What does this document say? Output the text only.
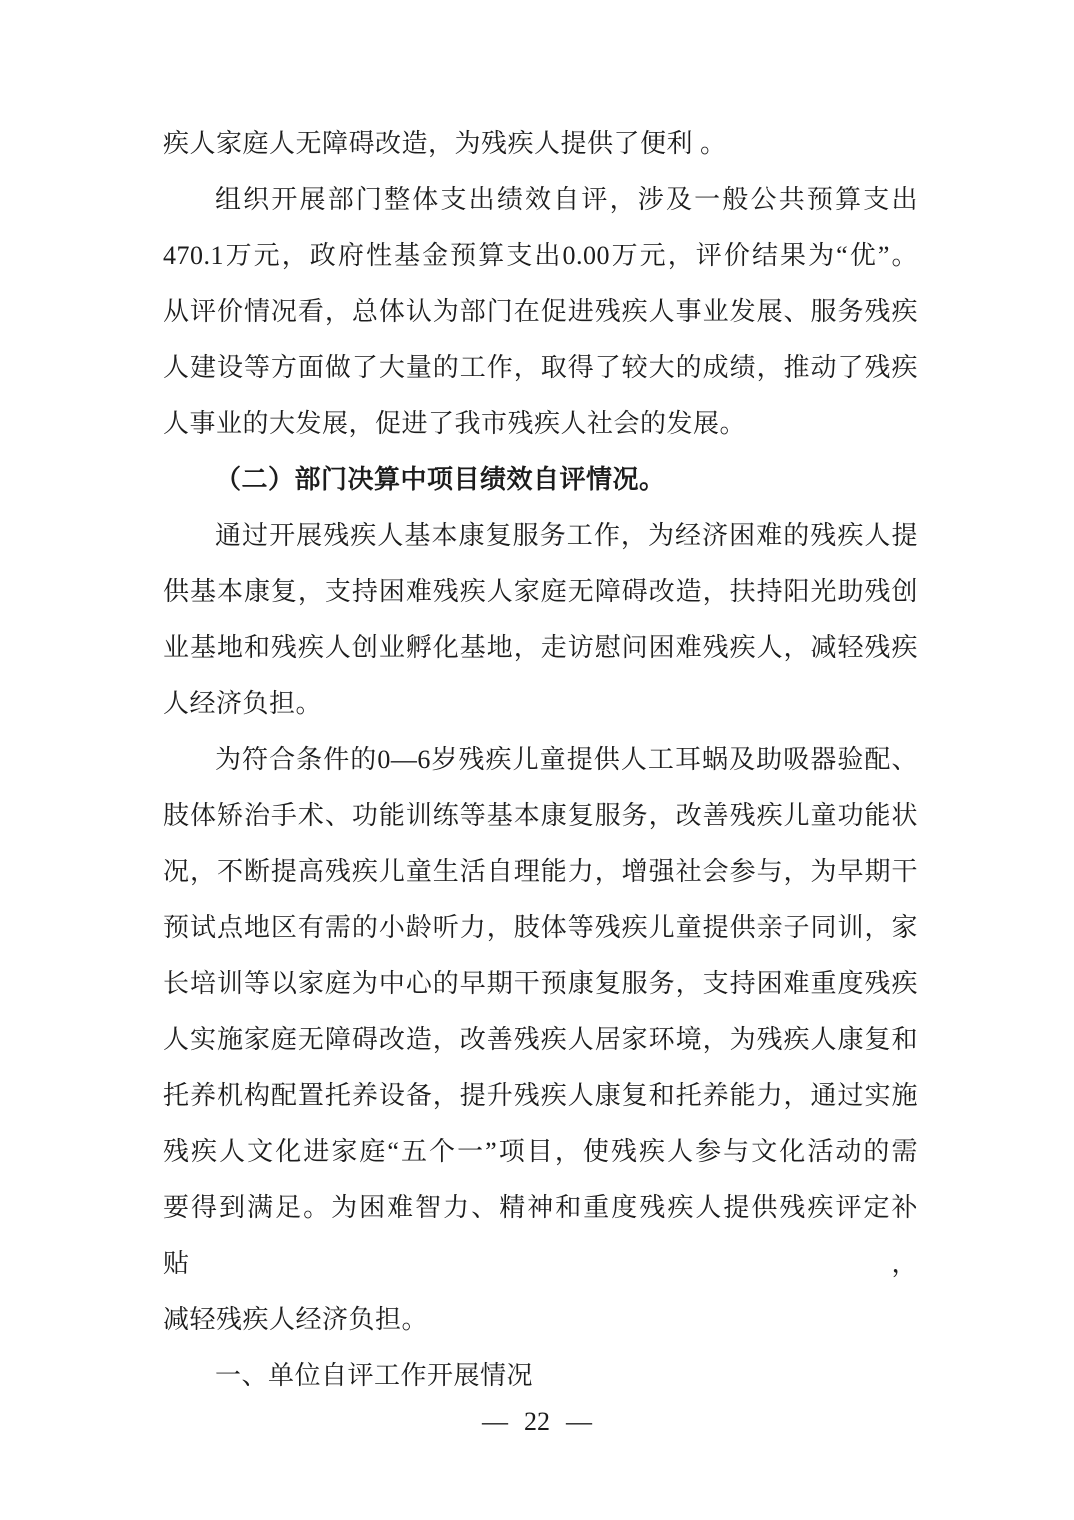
疾人家庭人无障碍改造，为残疾人提供了便利 。

组织开展部门整体支出绩效自评，涉及一般公共预算支出

470.1万元，政府性基金预算支出0.00万元，评价结果为“优”。

从评价情况看，总体认为部门在促进残疾人事业发展、服务残疾

人建设等方面做了大量的工作，取得了较大的成绩，推动了残疾

人事业的大发展，促进了我市残疾人社会的发展。

（二）部门决算中项目绩效自评情况。

通过开展残疾人基本康复服务工作，为经济困难的残疾人提

供基本康复，支持困难残疾人家庭无障碍改造，扶持阳光助残创

业基地和残疾人创业孵化基地，走访慰问困难残疾人，减轻残疾

人经济负担。

为符合条件的0—6岁残疾儿童提供人工耳蜗及助吸器验配、

肢体矫治手术、功能训练等基本康复服务，改善残疾儿童功能状

况，不断提高残疾儿童生活自理能力，增强社会参与，为早期干

预试点地区有需的小龄听力，肢体等残疾儿童提供亲子同训，家

长培训等以家庭为中心的早期干预康复服务，支持困难重度残疾

人实施家庭无障碍改造，改善残疾人居家环境，为残疾人康复和

托养机构配置托养设备，提升残疾人康复和托养能力，通过实施

残疾人文化进家庭“五个一”项目，使残疾人参与文化活动的需

要得到满足。为困难智力、精神和重度残疾人提供残疾评定补贴，

减轻残疾人经济负担。

一、单位自评工作开展情况

— 22 —
